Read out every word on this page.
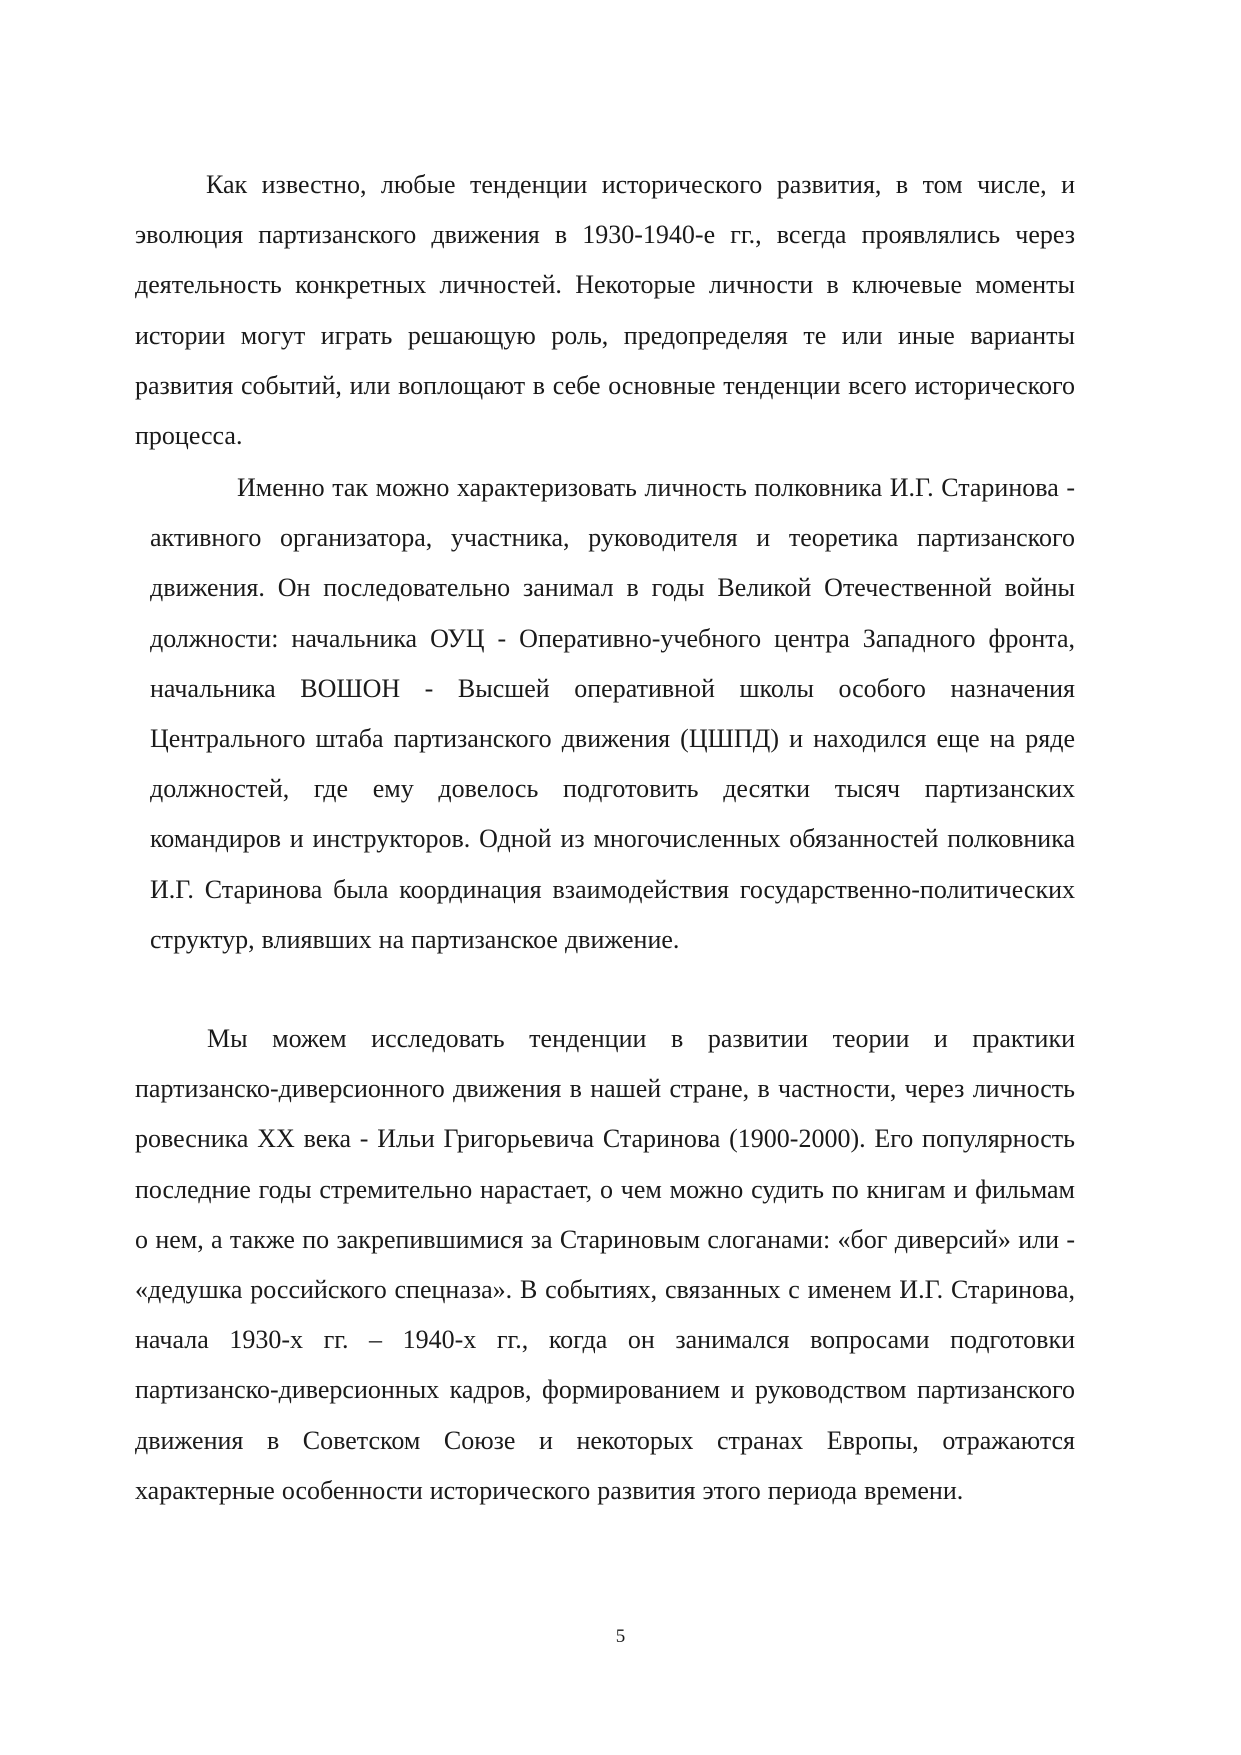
Как известно, любые тенденции исторического развития, в том числе, и эволюция партизанского движения в 1930-1940-е гг., всегда проявлялись через деятельность конкретных личностей. Некоторые личности в ключевые моменты истории могут играть решающую роль, предопределяя те или иные варианты развития событий, или воплощают в себе основные тенденции всего исторического процесса.

Именно так можно характеризовать личность полковника И.Г. Старинова - активного организатора, участника, руководителя и теоретика партизанского движения. Он последовательно занимал в годы Великой Отечественной войны должности: начальника ОУЦ - Оперативно-учебного центра Западного фронта, начальника ВОШОН - Высшей оперативной школы особого назначения Центрального штаба партизанского движения (ЦШПД) и находился еще на ряде должностей, где ему довелось подготовить десятки тысяч партизанских командиров и инструкторов. Одной из многочисленных обязанностей полковника И.Г. Старинова была координация взаимодействия государственно-политических структур, влиявших на партизанское движение.

Мы можем исследовать тенденции в развитии теории и практики партизанско-диверсионного движения в нашей стране, в частности, через личность ровесника XX века - Ильи Григорьевича Старинова (1900-2000). Его популярность последние годы стремительно нарастает, о чем можно судить по книгам и фильмам о нем, а также по закрепившимися за Стариновым слоганами: «бог диверсий» или - «дедушка российского спецназа». В событиях, связанных с именем И.Г. Старинова, начала 1930-х гг. – 1940-х гг., когда он занимался вопросами подготовки партизанско-диверсионных кадров, формированием и руководством партизанского движения в Советском Союзе и некоторых странах Европы, отражаются характерные особенности исторического развития этого периода времени.

5
